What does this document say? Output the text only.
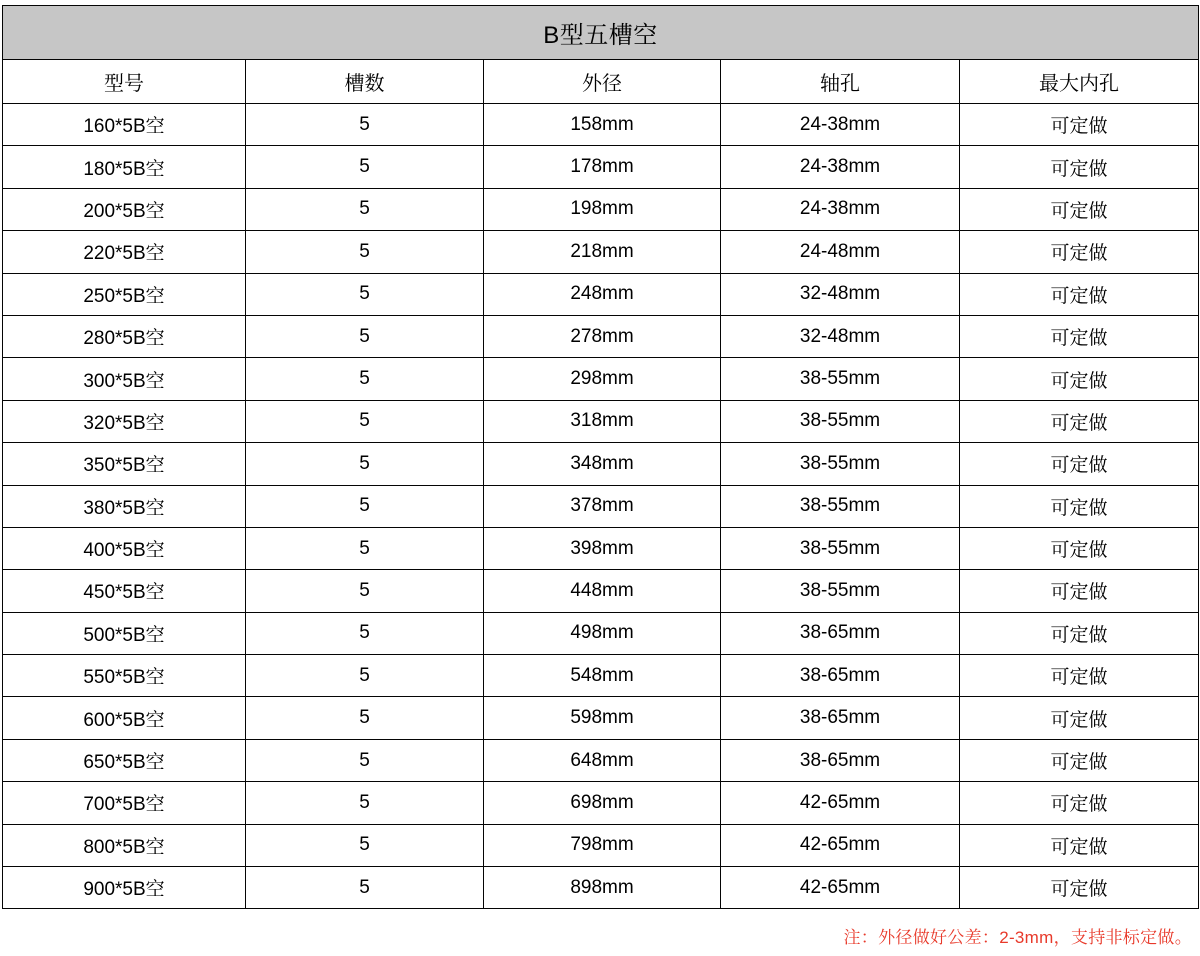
B型五槽空				
型号	槽数	外径	轴孔	最大内孔
160*5B空	5	158mm	24-38mm	可定做
180*5B空	5	178mm	24-38mm	可定做
200*5B空	5	198mm	24-38mm	可定做
220*5B空	5	218mm	24-48mm	可定做
250*5B空	5	248mm	32-48mm	可定做
280*5B空	5	278mm	32-48mm	可定做
300*5B空	5	298mm	38-55mm	可定做
320*5B空	5	318mm	38-55mm	可定做
350*5B空	5	348mm	38-55mm	可定做
380*5B空	5	378mm	38-55mm	可定做
400*5B空	5	398mm	38-55mm	可定做
450*5B空	5	448mm	38-55mm	可定做
500*5B空	5	498mm	38-65mm	可定做
550*5B空	5	548mm	38-65mm	可定做
600*5B空	5	598mm	38-65mm	可定做
650*5B空	5	648mm	38-65mm	可定做
700*5B空	5	698mm	42-65mm	可定做
800*5B空	5	798mm	42-65mm	可定做
900*5B空	5	898mm	42-65mm	可定做
注：外径做好公差：2-3mm，支持非标定做。
